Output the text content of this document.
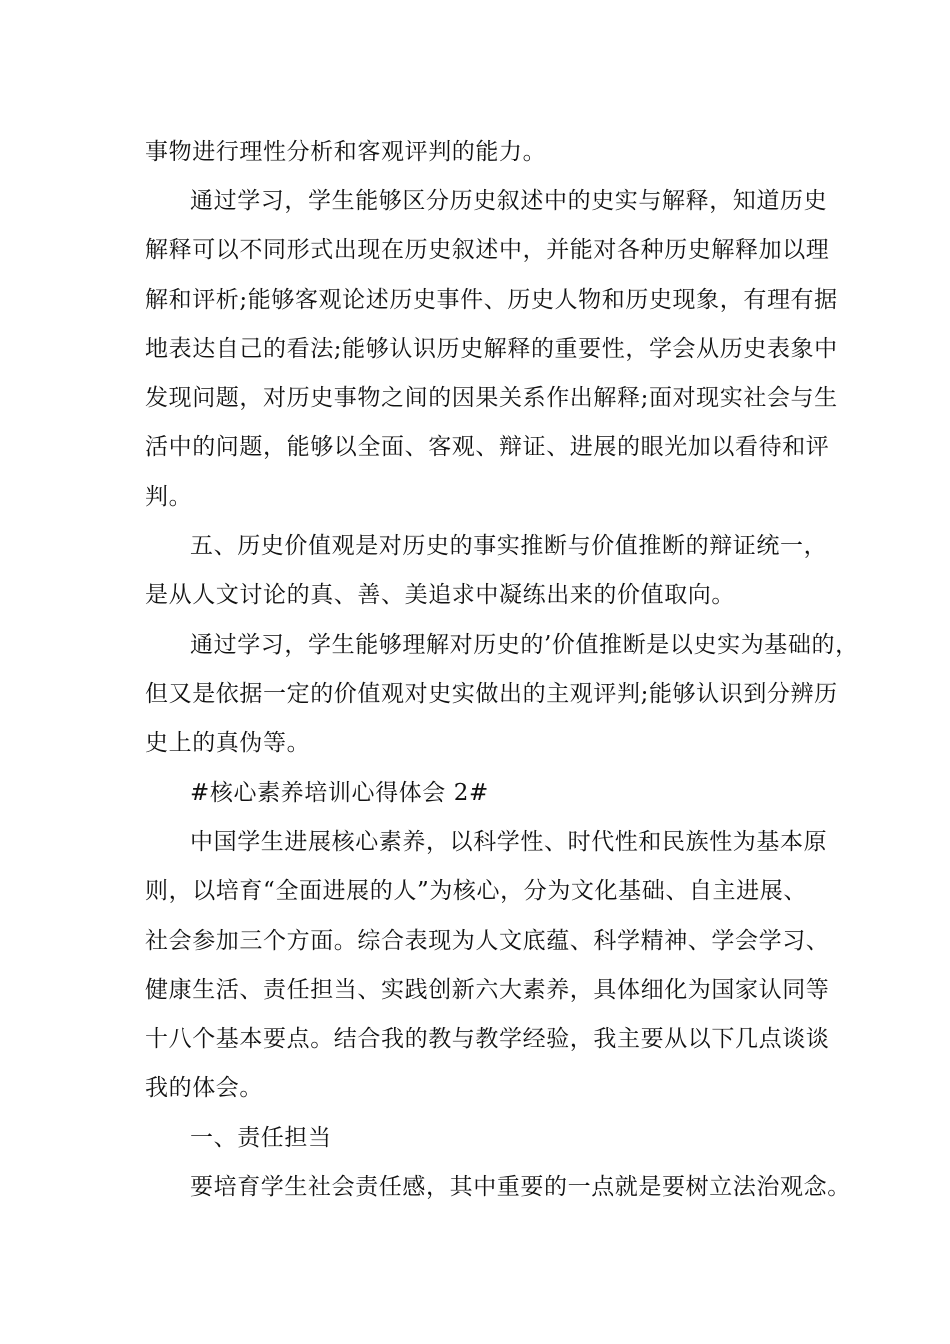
事物进行理性分析和客观评判的能力。
通过学习，学生能够区分历史叙述中的史实与解释，知道历史
解释可以不同形式出现在历史叙述中，并能对各种历史解释加以理
解和评析;能够客观论述历史事件、历史人物和历史现象，有理有据
地表达自己的看法;能够认识历史解释的重要性，学会从历史表象中
发现问题，对历史事物之间的因果关系作出解释;面对现实社会与生
活中的问题，能够以全面、客观、辩证、进展的眼光加以看待和评
判。
五、历史价值观是对历史的事实推断与价值推断的辩证统一，
是从人文讨论的真、善、美追求中凝练出来的价值取向。
通过学习，学生能够理解对历史的’价值推断是以史实为基础的，
但又是依据一定的价值观对史实做出的主观评判;能够认识到分辨历
史上的真伪等。
#核心素养培训心得体会 2#
中国学生进展核心素养，以科学性、时代性和民族性为基本原
则，以培育“全面进展的人”为核心，分为文化基础、自主进展、
社会参加三个方面。综合表现为人文底蕴、科学精神、学会学习、
健康生活、责任担当、实践创新六大素养，具体细化为国家认同等
十八个基本要点。结合我的教与教学经验，我主要从以下几点谈谈
我的体会。
一、责任担当
要培育学生社会责任感，其中重要的一点就是要树立法治观念。
